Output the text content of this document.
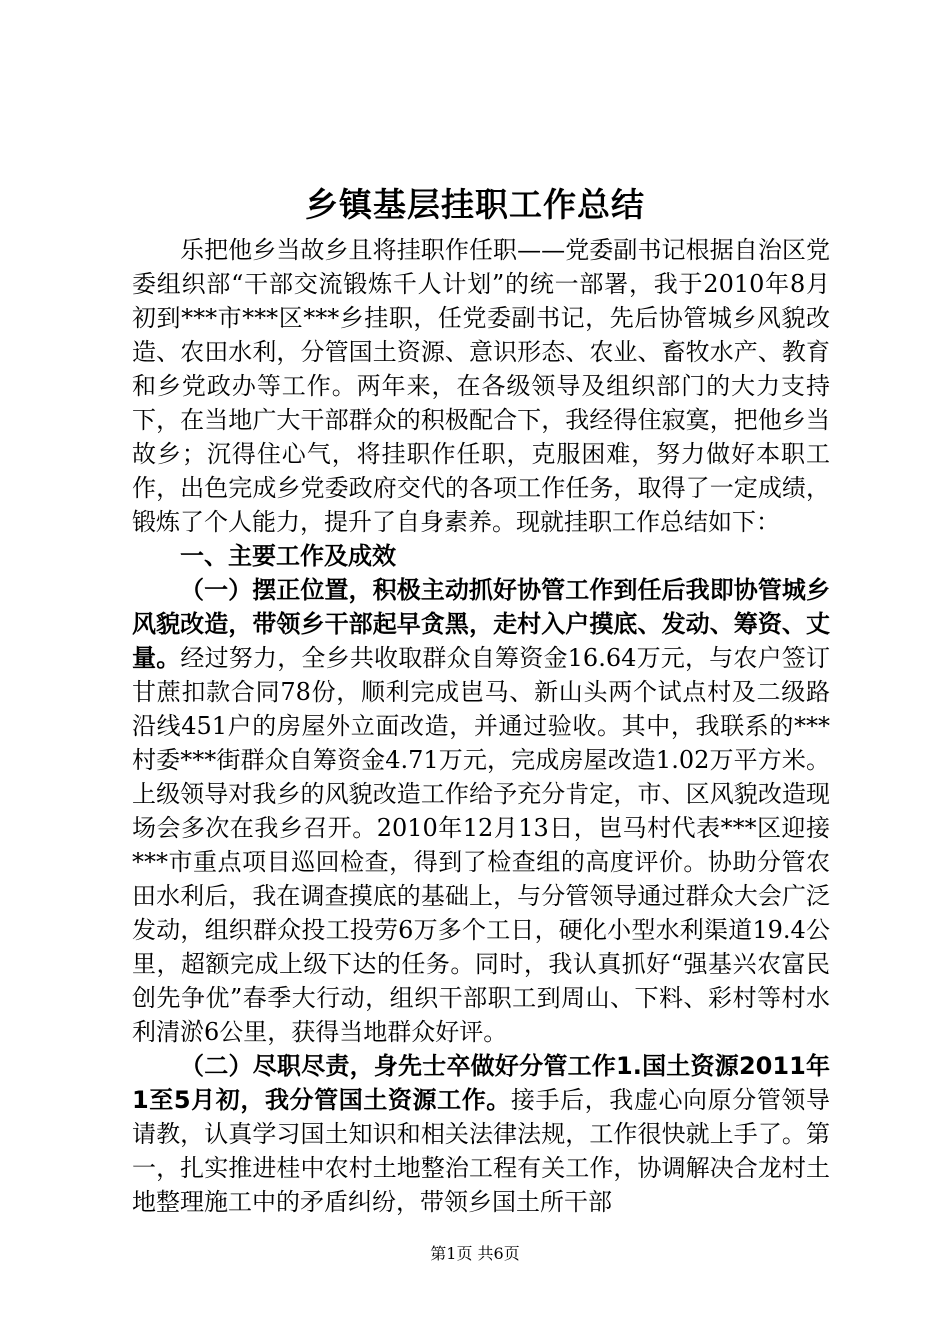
乡镇基层挂职工作总结

乐把他乡当故乡且将挂职作任职——党委副书记根据自治区党委组织部“干部交流锻炼千人计划”的统一部署，我于2010年8月初到***市***区***乡挂职，任党委副书记，先后协管城乡风貌改造、农田水利，分管国土资源、意识形态、农业、畜牧水产、教育和乡党政办等工作。两年来，在各级领导及组织部门的大力支持下，在当地广大干部群众的积极配合下，我经得住寂寞，把他乡当故乡；沉得住心气，将挂职作任职，克服困难，努力做好本职工作，出色完成乡党委政府交代的各项工作任务，取得了一定成绩，锻炼了个人能力，提升了自身素养。现就挂职工作总结如下：

一、主要工作及成效

（一）摆正位置，积极主动抓好协管工作到任后我即协管城乡风貌改造，带领乡干部起早贪黑，走村入户摸底、发动、筹资、丈量。经过努力，全乡共收取群众自筹资金16.64万元，与农户签订甘蔗扣款合同78份，顺利完成岜马、新山头两个试点村及二级路沿线451户的房屋外立面改造，并通过验收。其中，我联系的***村委***街群众自筹资金4.71万元，完成房屋改造1.02万平方米。上级领导对我乡的风貌改造工作给予充分肯定，市、区风貌改造现场会多次在我乡召开。2010年12月13日，岜马村代表***区迎接***市重点项目巡回检查，得到了检查组的高度评价。协助分管农田水利后，我在调查摸底的基础上，与分管领导通过群众大会广泛发动，组织群众投工投劳6万多个工日，硬化小型水利渠道19.4公里，超额完成上级下达的任务。同时，我认真抓好“强基兴农富民创先争优”春季大行动，组织干部职工到周山、下料、彩村等村水利清淤6公里，获得当地群众好评。

（二）尽职尽责，身先士卒做好分管工作1.国土资源2011年1至5月初，我分管国土资源工作。接手后，我虚心向原分管领导请教，认真学习国土知识和相关法律法规，工作很快就上手了。第一，扎实推进桂中农村土地整治工程有关工作，协调解决合龙村土地整理施工中的矛盾纠纷，带领乡国土所干部

第1页 共6页
